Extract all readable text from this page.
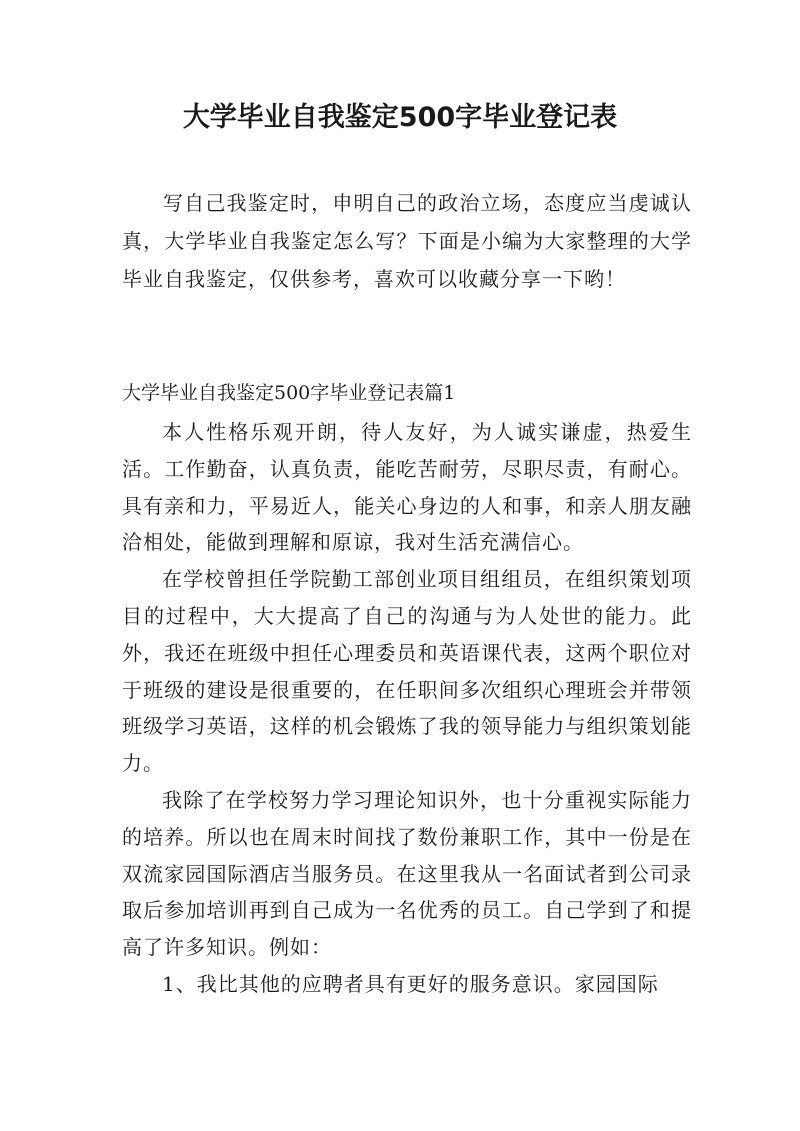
大学毕业自我鉴定500字毕业登记表

写自己我鉴定时，申明自己的政治立场，态度应当虔诚认真，大学毕业自我鉴定怎么写？下面是小编为大家整理的大学毕业自我鉴定，仅供参考，喜欢可以收藏分享一下哟！

大学毕业自我鉴定500字毕业登记表篇1

本人性格乐观开朗，待人友好，为人诚实谦虚，热爱生活。工作勤奋，认真负责，能吃苦耐劳，尽职尽责，有耐心。具有亲和力，平易近人，能关心身边的人和事，和亲人朋友融洽相处，能做到理解和原谅，我对生活充满信心。

在学校曾担任学院勤工部创业项目组组员，在组织策划项目的过程中，大大提高了自己的沟通与为人处世的能力。此外，我还在班级中担任心理委员和英语课代表，这两个职位对于班级的建设是很重要的，在任职间多次组织心理班会并带领班级学习英语，这样的机会锻炼了我的领导能力与组织策划能力。

我除了在学校努力学习理论知识外，也十分重视实际能力的培养。所以也在周末时间找了数份兼职工作，其中一份是在双流家园国际酒店当服务员。在这里我从一名面试者到公司录取后参加培训再到自己成为一名优秀的员工。自己学到了和提高了许多知识。例如：

1、我比其他的应聘者具有更好的服务意识。家园国际
